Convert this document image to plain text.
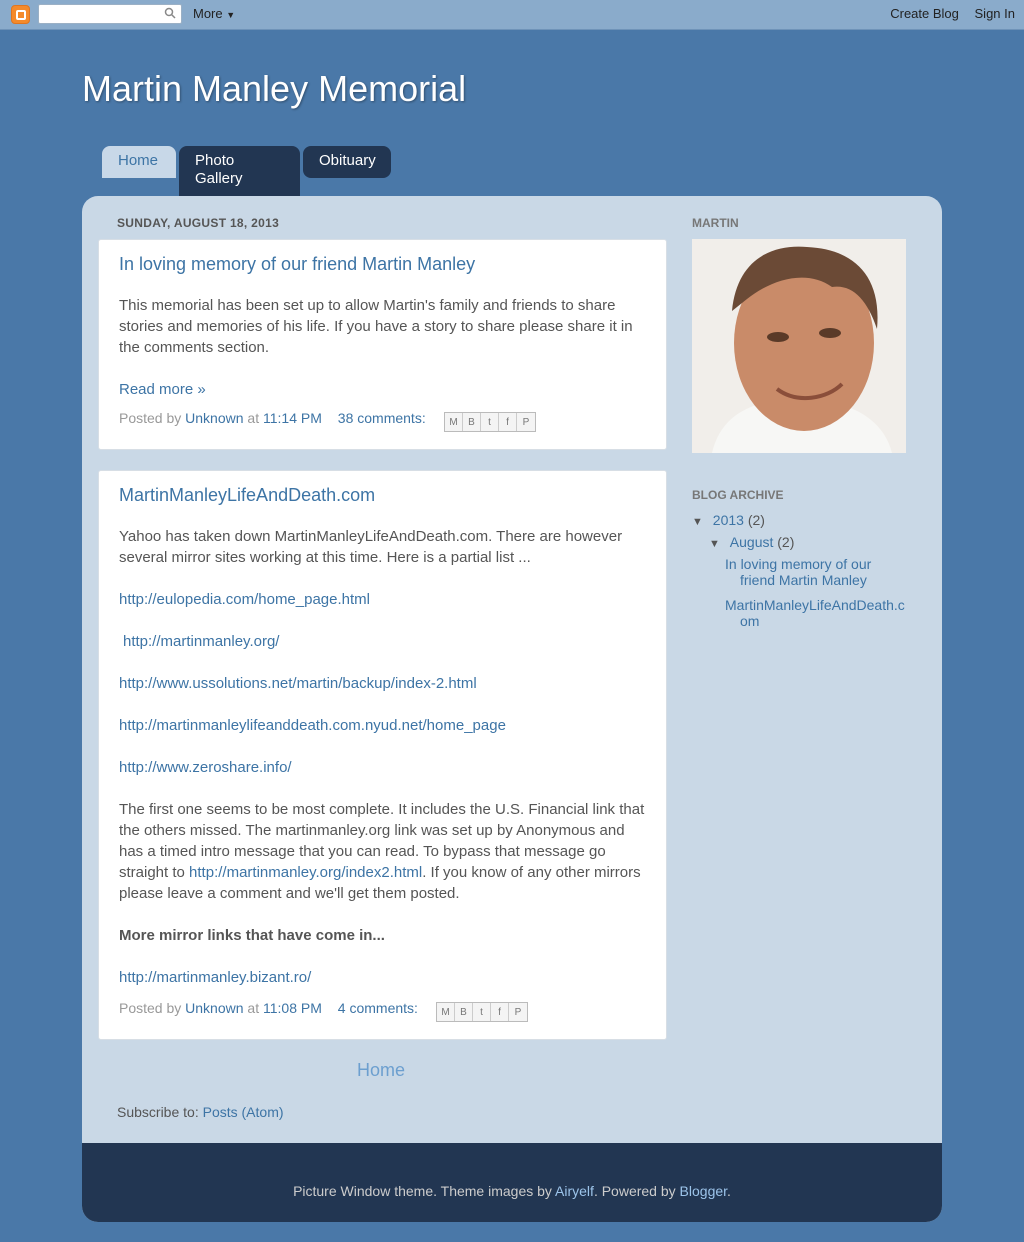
More ▼	Create Blog Sign In
Martin Manley Memorial
Home	Photo Gallery
Obituary
SUNDAY, AUGUST 18, 2013
In loving memory of our friend Martin Manley
This memorial has been set up to allow Martin's family and friends to share stories and memories of his life. If you have a story to share please share it in the comments section.
Read more »
Posted by Unknown at 11:14 PM 38 comments:	M	B	t	f	P
MartinManleyLifeAndDeath.com
Yahoo has taken down MartinManleyLifeAndDeath.com. There are however several mirror sites working at this time. Here is a partial list ...
http://eulopedia.com/home_page.html
http://martinmanley.org/
http://www.ussolutions.net/martin/backup/index-2.html
http://martinmanleylifeanddeath.com.nyud.net/home_page
http://www.zeroshare.info/
The first one seems to be most complete. It includes the U.S. Financial link that the others missed. The martinmanley.org link was set up by Anonymous and has a timed intro message that you can read. To bypass that message go straight to http://martinmanley.org/index2.html. If you know of any other mirrors please leave a comment and we'll get them posted.
More mirror links that have come in...
http://martinmanley.bizant.ro/
Posted by Unknown at 11:08 PM 4 comments:	M	B	t	f	P
Home
Subscribe to: Posts (Atom)
MARTIN
BLOG ARCHIVE
▼ 2013 (2)
▼ August (2)
In loving memory of our friend Martin Manley
MartinManleyLifeAndDeath.com
Picture Window theme. Theme images by Airyelf. Powered by Blogger.
